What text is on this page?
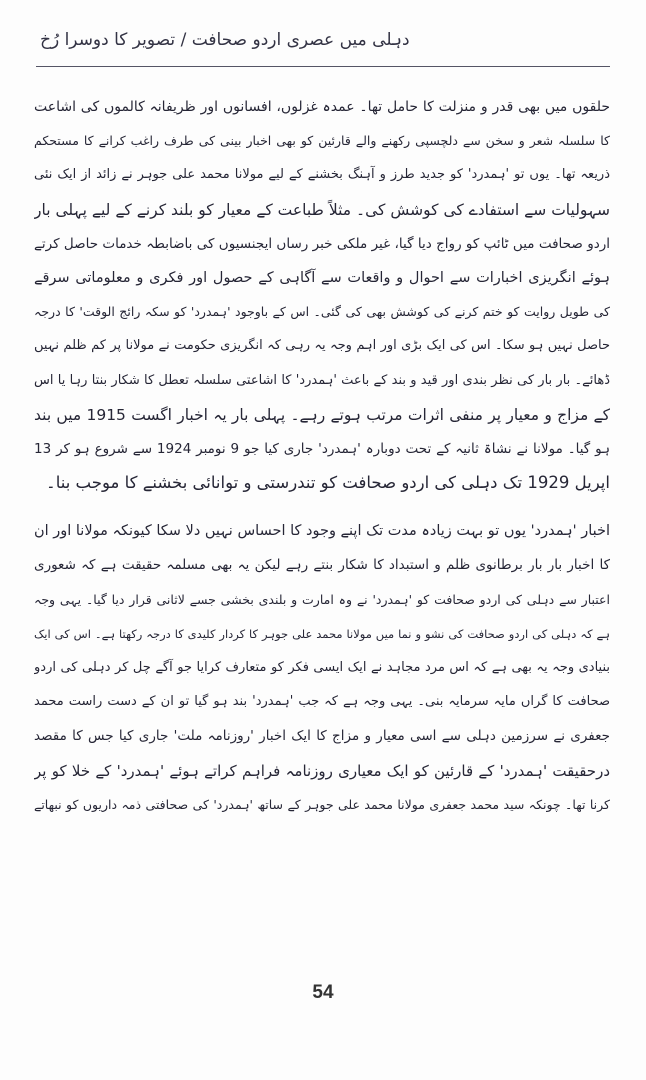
دہلی میں عصری اردو صحافت / تصویر کا دوسرا رُخ
حلقوں میں بھی قدر و منزلت کا حامل تھا۔ عمدہ غزلوں، افسانوں اور ظریفانہ کالموں کی اشاعت
کا سلسلہ شعر و سخن سے دلچسپی رکھنے والے قارئین کو بھی اخبار بینی کی طرف راغب کرانے کا مستحکم
ذریعہ تھا۔ یوں تو 'ہمدرد' کو جدید طرز و آہنگ بخشنے کے لیے مولانا محمد علی جوہر نے زائد از ایک نئی
سہولیات سے استفادے کی کوشش کی۔ مثلاً طباعت کے معیار کو بلند کرنے کے لیے پہلی بار
اردو صحافت میں ٹائپ کو رواج دیا گیا، غیر ملکی خبر رساں ایجنسیوں کی باضابطہ خدمات حاصل کرتے
ہوئے انگریزی اخبارات سے احوال و واقعات سے آگاہی کے حصول اور فکری و معلوماتی سرقے
کی طویل روایت کو ختم کرنے کی کوشش بھی کی گئی۔ اس کے باوجود 'ہمدرد' کو سکہ رائج الوقت' کا درجہ
حاصل نہیں ہو سکا۔ اس کی ایک بڑی اور اہم وجہ یہ رہی کہ انگریزی حکومت نے مولانا پر کم ظلم نہیں
ڈھائے۔ بار بار کی نظر بندی اور قید و بند کے باعث 'ہمدرد' کا اشاعتی سلسلہ تعطل کا شکار بنتا رہا یا اس
کے مزاج و معیار پر منفی اثرات مرتب ہوتے رہے۔ پہلی بار یہ اخبار اگست 1915 میں بند
ہو گیا۔ مولانا نے نشاۃ ثانیہ کے تحت دوبارہ 'ہمدرد' جاری کیا جو 9 نومبر 1924 سے شروع ہو کر 13
اپریل 1929 تک دہلی کی اردو صحافت کو تندرستی و توانائی بخشنے کا موجب بنا۔
اخبار 'ہمدرد' یوں تو بہت زیادہ مدت تک اپنے وجود کا احساس نہیں دلا سکا کیونکہ مولانا اور ان
کا اخبار بار بار برطانوی ظلم و استبداد کا شکار بنتے رہے لیکن یہ بھی مسلمہ حقیقت ہے کہ شعوری
اعتبار سے دہلی کی اردو صحافت کو 'ہمدرد' نے وہ امارت و بلندی بخشی جسے لاثانی قرار دیا گیا۔ یہی وجہ
ہے کہ دہلی کی اردو صحافت کی نشو و نما میں مولانا محمد علی جوہر کا کردار کلیدی کا درجہ رکھتا ہے۔ اس کی ایک
بنیادی وجہ یہ بھی ہے کہ اس مرد مجاہد نے ایک ایسی فکر کو متعارف کرایا جو آگے چل کر دہلی کی اردو
صحافت کا گراں مایہ سرمایہ بنی۔ یہی وجہ ہے کہ جب 'ہمدرد' بند ہو گیا تو ان کے دست راست محمد
جعفری نے سرزمین دہلی سے اسی معیار و مزاج کا ایک اخبار 'روزنامہ ملت' جاری کیا جس کا مقصد
درحقیقت 'ہمدرد' کے قارئین کو ایک معیاری روزنامہ فراہم کراتے ہوئے 'ہمدرد' کے خلا کو پر
کرنا تھا۔ چونکہ سید محمد جعفری مولانا محمد علی جوہر کے ساتھ 'ہمدرد' کی صحافتی ذمہ داریوں کو نبھاتے
54
